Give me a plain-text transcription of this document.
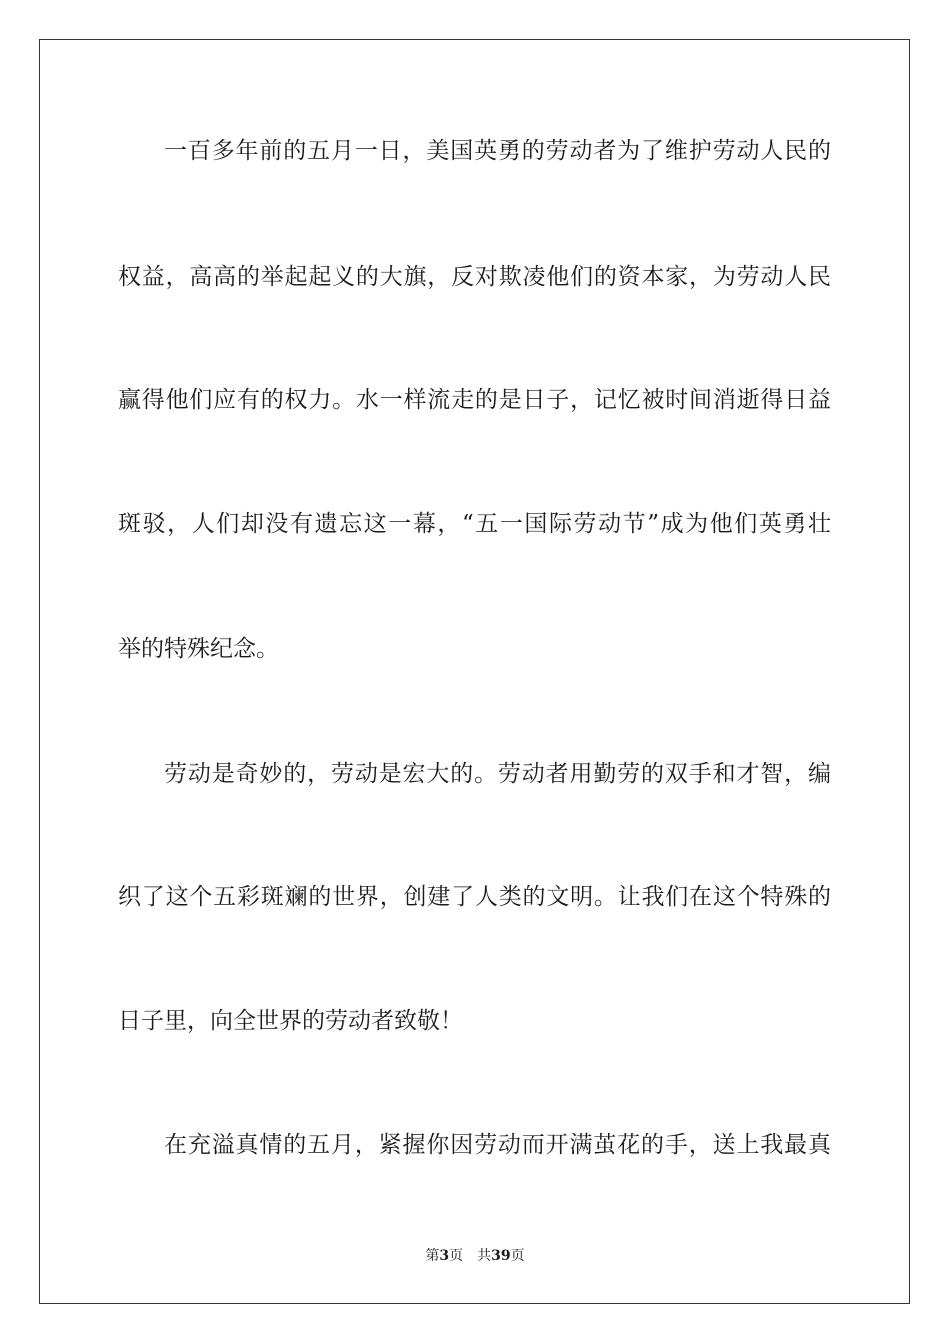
一百多年前的五月一日，美国英勇的劳动者为了维护劳动人民的
权益，高高的举起起义的大旗，反对欺凌他们的资本家，为劳动人民
赢得他们应有的权力。水一样流走的是日子，记忆被时间消逝得日益
斑驳，人们却没有遗忘这一幕，“五一国际劳动节”成为他们英勇壮
举的特殊纪念。
劳动是奇妙的，劳动是宏大的。劳动者用勤劳的双手和才智，编
织了这个五彩斑斓的世界，创建了人类的文明。让我们在这个特殊的
日子里，向全世界的劳动者致敬！
在充溢真情的五月，紧握你因劳动而开满茧花的手，送上我最真
第3页 共39页
